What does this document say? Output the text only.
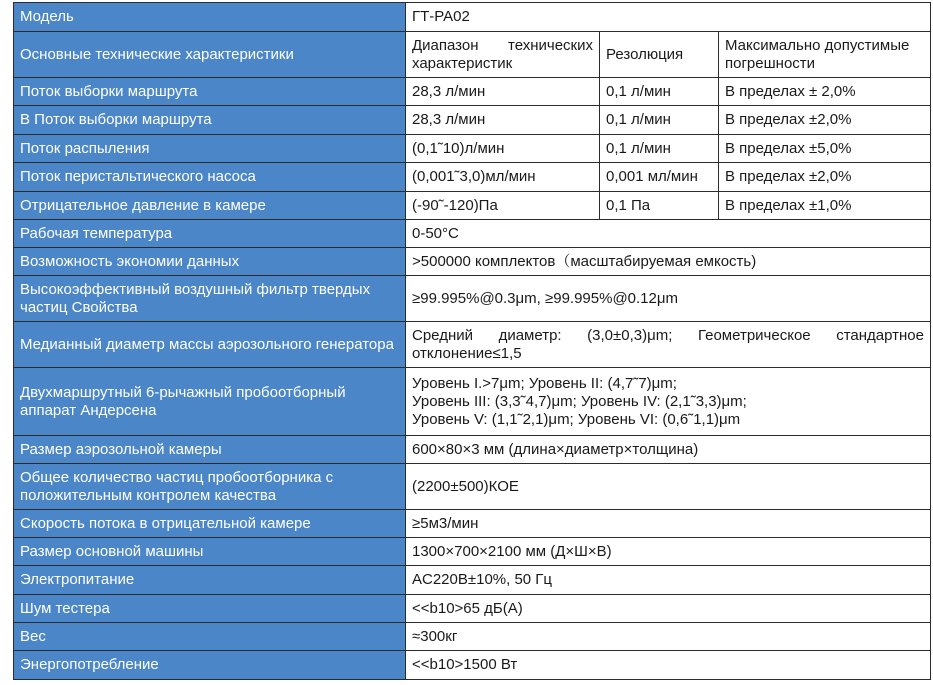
Модель	ГТ-PA02		
Основные технические характеристики	Диапазон технических характеристик	Резолюция	Максимально допустимые погрешности
Поток выборки маршрута	28,3 л/мин	0,1 л/мин	В пределах ± 2,0%
В Поток выборки маршрута	28,3 л/мин	0,1 л/мин	В пределах ±2,0%
Поток распыления	(0,1˜10)л/мин	0,1 л/мин	В пределах ±5,0%
Поток перистальтического насоса	(0,001˜3,0)мл/мин	0,001 мл/мин	В пределах ±2,0%
Отрицательное давление в камере	(-90˜-120)Па	0,1 Па	В пределах ±1,0%
Рабочая температура	0-50°C		
Возможность экономии данных	>500000 комплектов（масштабируемая емкость)		
Высокоэффективный воздушный фильтр твердых частиц Свойства	≥99.995%@0.3μm, ≥99.995%@0.12μm		
Медианный диаметр массы аэрозольного генератора	Средний диаметр: (3,0±0,3)μm; Геометрическое стандартное отклонение≤1,5		
Двухмаршрутный 6-рычажный пробоотборный аппарат Андерсена	Уровень I.>7μm; Уровень II: (4,7˜7)μm;
Уровень III: (3,3˜4,7)μm; Уровень IV: (2,1˜3,3)μm;
Уровень V: (1,1˜2,1)μm; Уровень VI: (0,6˜1,1)μm		

Размер аэрозольной камеры	600×80×3 мм (длина×диаметр×толщина)		
Общее количество частиц пробоотборника с положительным контролем качества	(2200±500)КОЕ		
Скорость потока в отрицательной камере	≥5м3/мин		
Размер основной машины	1300×700×2100 мм (Д×Ш×В)		
Электропитание	AC220B±10%, 50 Гц		
Шум тестера	<<b10>65 дБ(А)		
Вес	≈300кг		
Энергопотребление	<<b10>1500 Вт		
